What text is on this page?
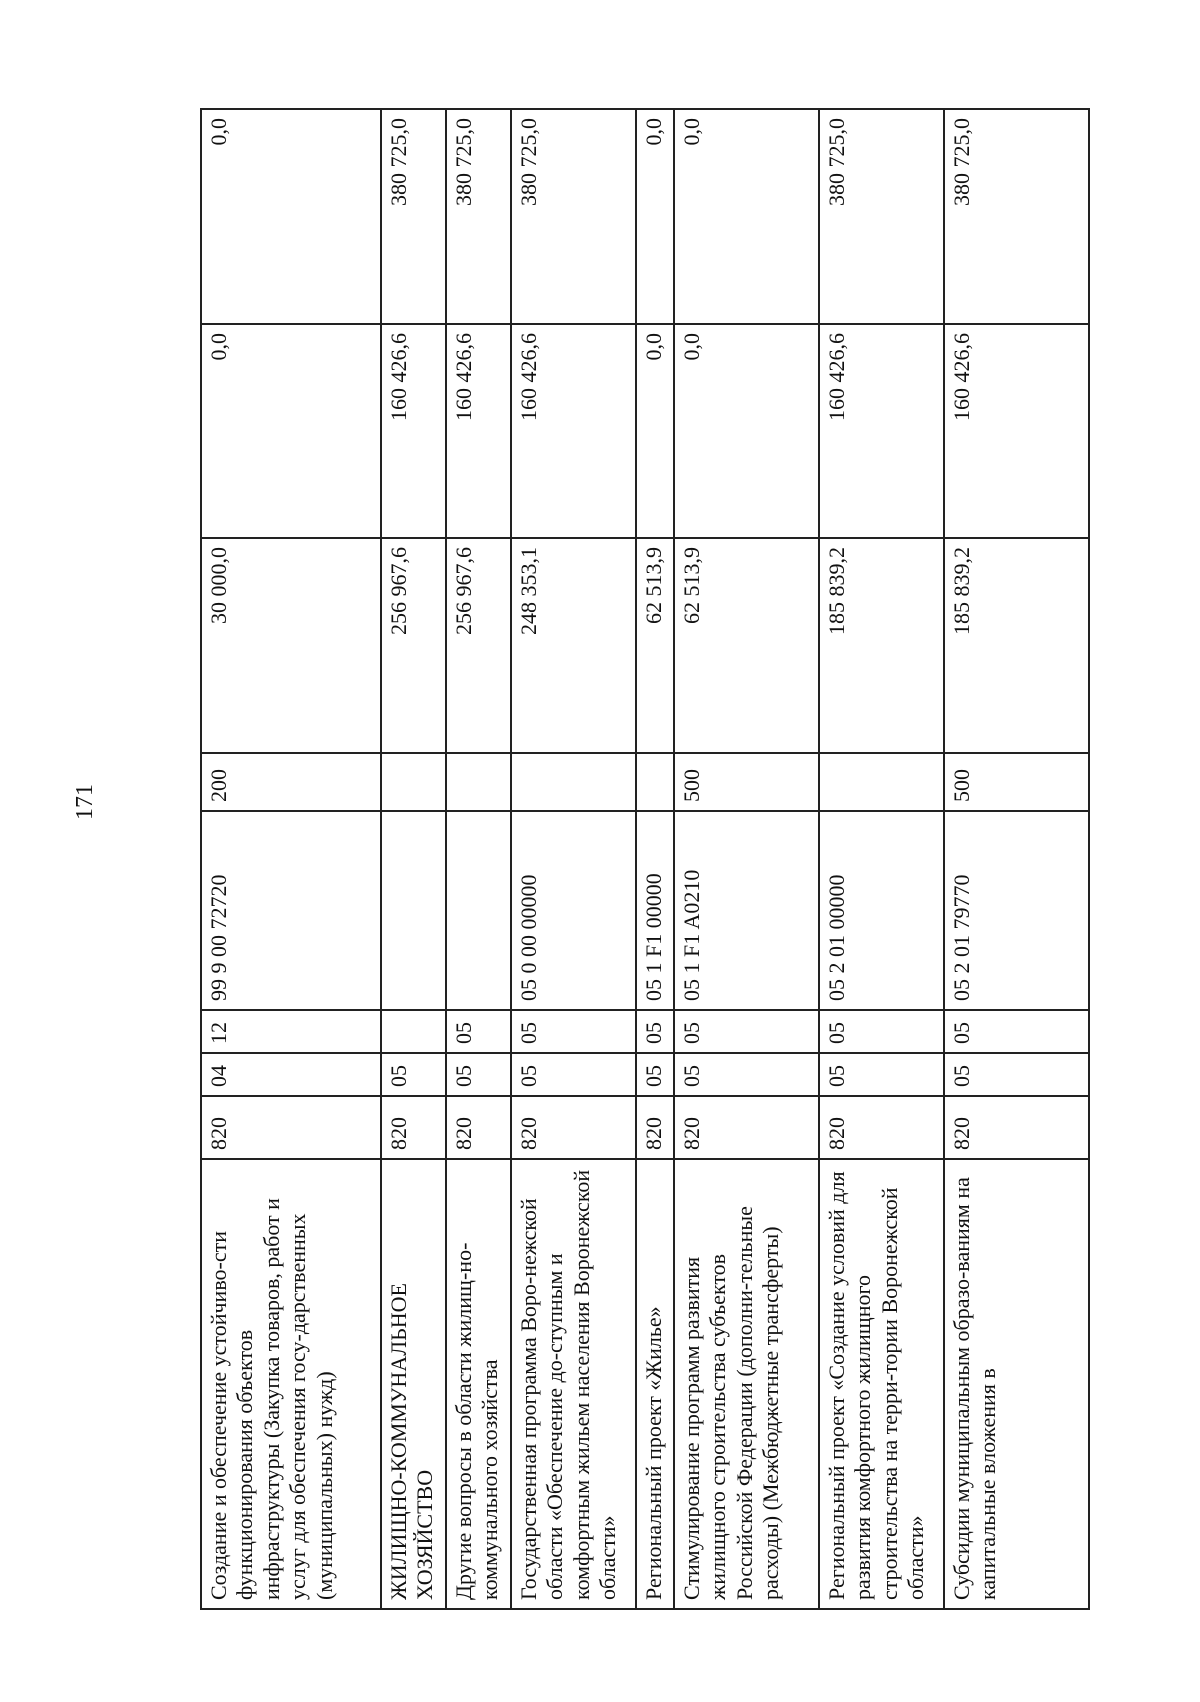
171
Создание и обеспечение устойчиво-сти функционирования объектов инфраструктуры (Закупка товаров, работ и услуг для обеспечения госу-дарственных (муниципальных) нужд)	820	04	12	99 9 00 72720	200	30 000,0	0,0	0,0
ЖИЛИЩНО-КОММУНАЛЬНОЕ ХОЗЯЙСТВО	820	05				256 967,6	160 426,6	380 725,0
Другие вопросы в области жилищ-но-коммунального хозяйства	820	05	05			256 967,6	160 426,6	380 725,0
Государственная программа Воро-нежской области «Обеспечение до-ступным и комфортным жильем населения Воронежской области»	820	05	05	05 0 00 00000		248 353,1	160 426,6	380 725,0
Региональный проект «Жилье»	820	05	05	05 1 F1 00000		62 513,9	0,0	0,0
Стимулирование программ развития жилищного строительства субъектов Российской Федерации (дополни-тельные расходы) (Межбюджетные трансферты)	820	05	05	05 1 F1 A0210	500	62 513,9	0,0	0,0
Региональный проект «Создание условий для развития комфортного жилищного строительства на терри-тории Воронежской области»	820	05	05	05 2 01 00000		185 839,2	160 426,6	380 725,0
Субсидии муниципальным образо-ваниям на капитальные вложения в	820	05	05	05 2 01 79770	500	185 839,2	160 426,6	380 725,0
